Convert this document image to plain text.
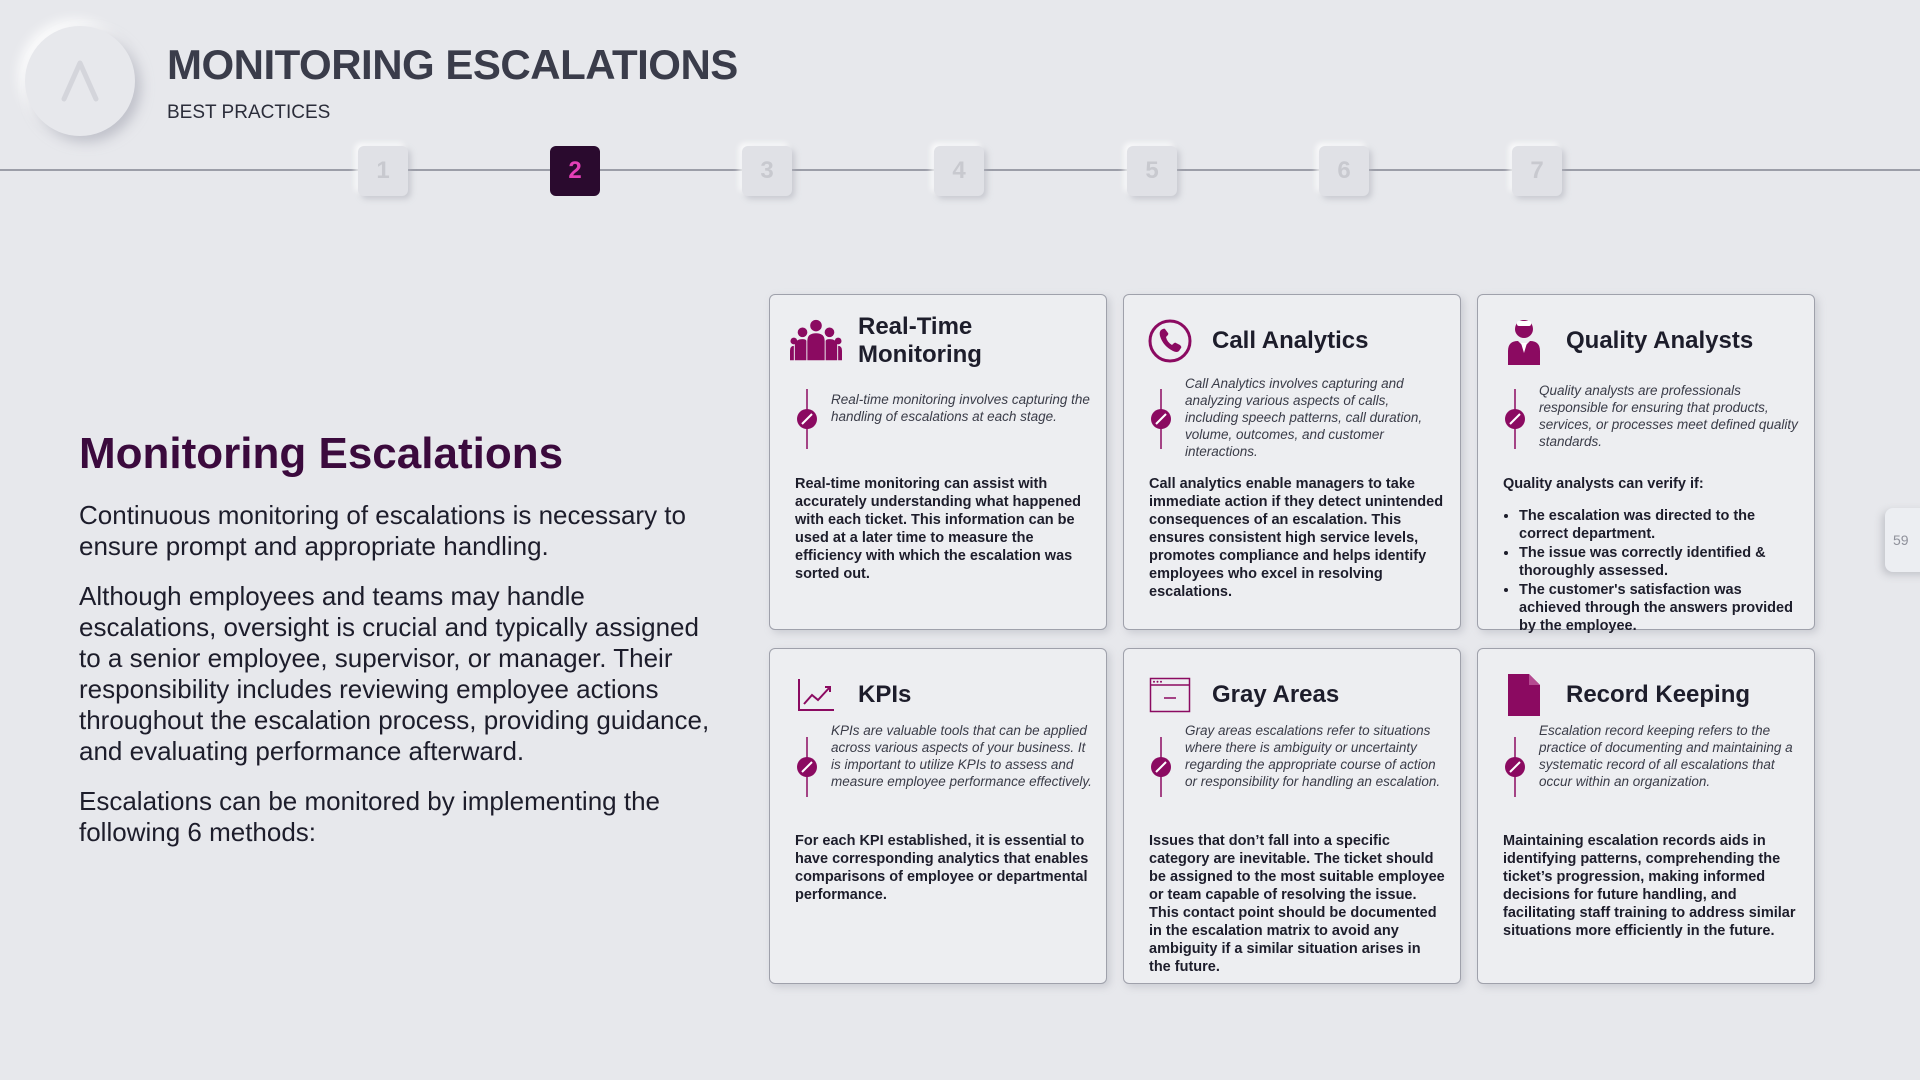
MONITORING ESCALATIONS
BEST PRACTICES
1	2	3	4	5	6	7
Monitoring Escalations

Continuous monitoring of escalations is necessary to ensure prompt and appropriate handling.

Although employees and teams may handle escalations, oversight is crucial and typically assigned to a senior employee, supervisor, or manager. Their responsibility includes reviewing employee actions throughout the escalation process, providing guidance, and evaluating performance afterward.

Escalations can be monitored by implementing the following 6 methods:

Real-Time Monitoring
Real-time monitoring involves capturing the handling of escalations at each stage.
Real-time monitoring can assist with accurately understanding what happened with each ticket. This information can be used at a later time to measure the efficiency with which the escalation was sorted out.
Call Analytics
Call Analytics involves capturing and analyzing various aspects of calls, including speech patterns, call duration, volume, outcomes, and customer interactions.
Call analytics enable managers to take immediate action if they detect unintended consequences of an escalation. This ensures consistent high service levels, promotes compliance and helps identify employees who excel in resolving escalations.
Quality Analysts
Quality analysts are professionals responsible for ensuring that products, services, or processes meet defined quality standards.
Quality analysts can verify if:
• The escalation was directed to the correct department.
• The issue was correctly identified & thoroughly assessed.
• The customer's satisfaction was achieved through the answers provided by the employee.
KPIs
KPIs are valuable tools that can be applied across various aspects of your business. It is important to utilize KPIs to assess and measure employee performance effectively.
For each KPI established, it is essential to have corresponding analytics that enables comparisons of employee or departmental performance.
Gray Areas
Gray areas escalations refer to situations where there is ambiguity or uncertainty regarding the appropriate course of action or responsibility for handling an escalation.
Issues that don’t fall into a specific category are inevitable. The ticket should be assigned to the most suitable employee or team capable of resolving the issue. This contact point should be documented in the escalation matrix to avoid any ambiguity if a similar situation arises in the future.
Record Keeping
Escalation record keeping refers to the practice of documenting and maintaining a systematic record of all escalations that occur within an organization.
Maintaining escalation records aids in identifying patterns, comprehending the ticket’s progression, making informed decisions for future handling, and facilitating staff training to address similar situations more efficiently in the future.
59
